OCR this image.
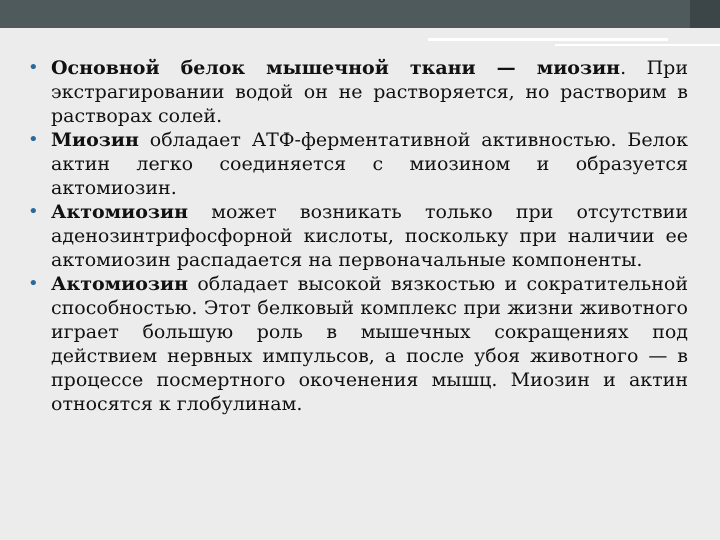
• Основной белок мышечной ткани — миозин. При экстрагировании водой он не растворяется, но растворим в растворах солей.

• Миозин обладает АТФ-ферментативной активностью. Белок актин легко соединяется с миозином и образуется актомиозин.

• Актомиозин может возникать только при отсутствии аденозинтрифосфорной кислоты, поскольку при наличии ее актомиозин распадается на первоначальные компоненты.

• Актомиозин обладает высокой вязкостью и сократительной способностью. Этот белковый комплекс при жизни животного играет большую роль в мышечных сокращениях под действием нервных импульсов, а после убоя животного — в процессе посмертного окоченения мышц. Миозин и актин относятся к глобулинам.
